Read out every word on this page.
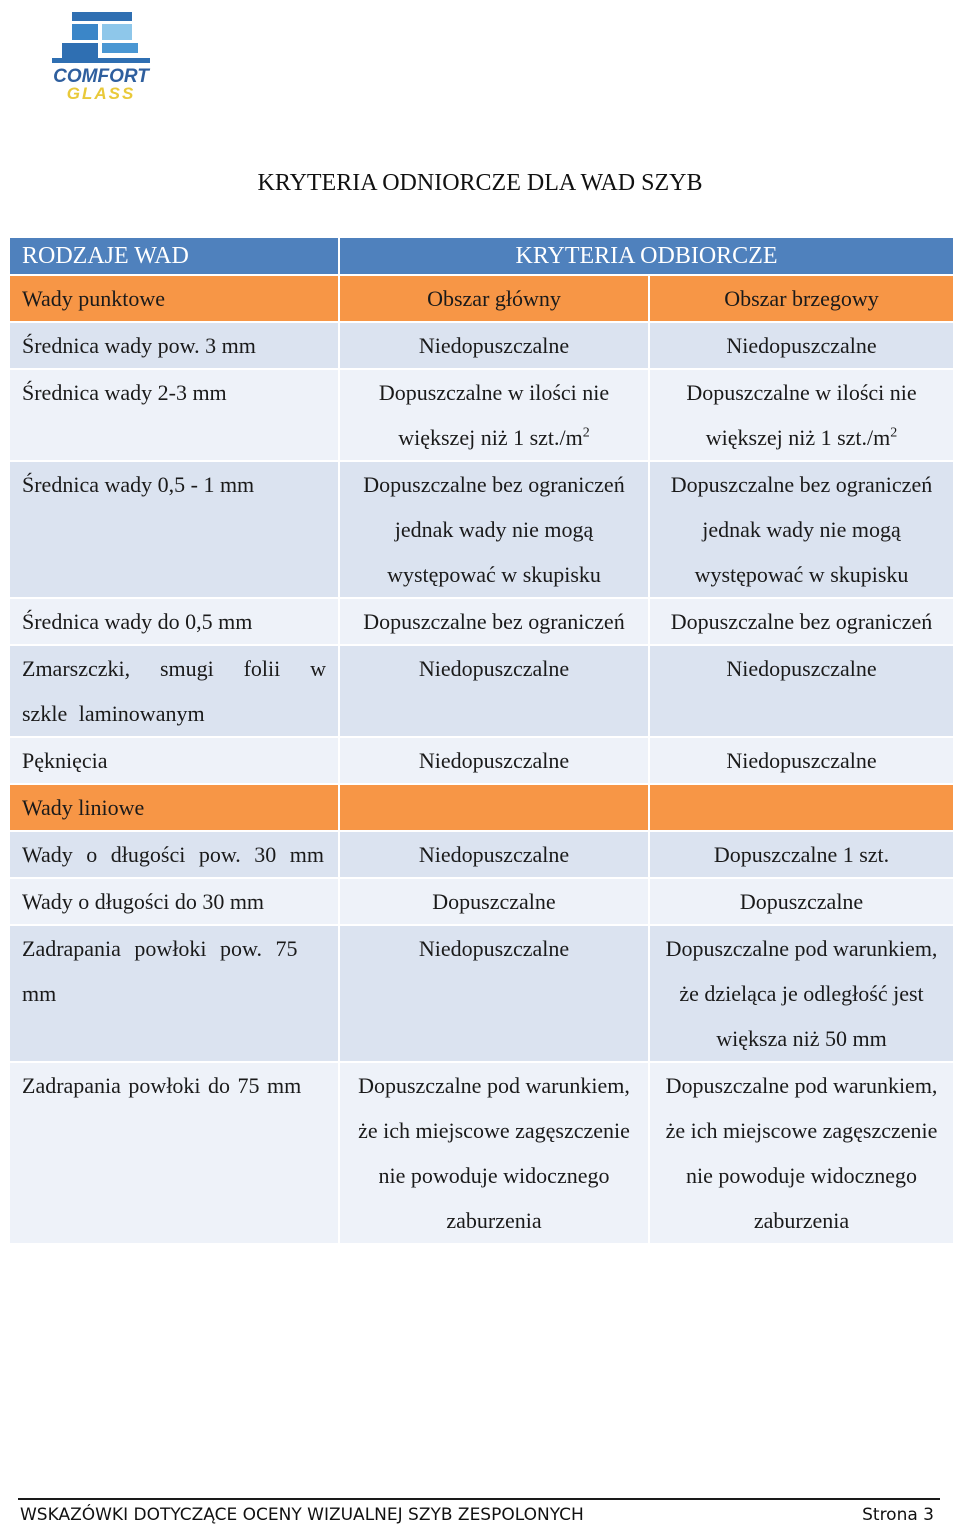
COMFORT
GLASS
KRYTERIA ODNIORCZE DLA WAD SZYB
RODZAJE WAD	KRYTERIA ODBIORCZE	
Wady punktowe	Obszar główny	Obszar brzegowy
Średnica wady pow. 3 mm	Niedopuszczalne	Niedopuszczalne
Średnica wady 2-3 mm	Dopuszczalne w ilości nie większej niż 1 $szt./m^2$	Dopuszczalne w ilości nie większej niż 1 $szt./m^2$
Średnica wady 0,5 - 1 mm	Dopuszczalne bez ograniczeń jednak wady nie mogą występować w skupisku	Dopuszczalne bez ograniczeń jednak wady nie mogą występować w skupisku
Średnica wady do 0,5 mm	Dopuszczalne bez ograniczeń	Dopuszczalne bez ograniczeń
Zmarszczki, smugi folii w szkle laminowanym	Niedopuszczalne	Niedopuszczalne
Pęknięcia	Niedopuszczalne	Niedopuszczalne
Wady liniowe		
Wady o długości pow. 30 mm	Niedopuszczalne	Dopuszczalne 1 szt.
Wady o długości do 30 mm	Dopuszczalne	Dopuszczalne
Zadrapania powłoki pow. 75 mm	Niedopuszczalne	Dopuszczalne pod warunkiem, że dzieląca je odległość jest większa niż 50 mm
Zadrapania powłoki do 75 mm	Dopuszczalne pod warunkiem, że ich miejscowe zagęszczenie nie powoduje widocznego zaburzenia	Dopuszczalne pod warunkiem, że ich miejscowe zagęszczenie nie powoduje widocznego zaburzenia
WSKAZÓWKI DOTYCZĄCE OCENY WIZUALNEJ SZYB ZESPOLONYCH	Strona 3
